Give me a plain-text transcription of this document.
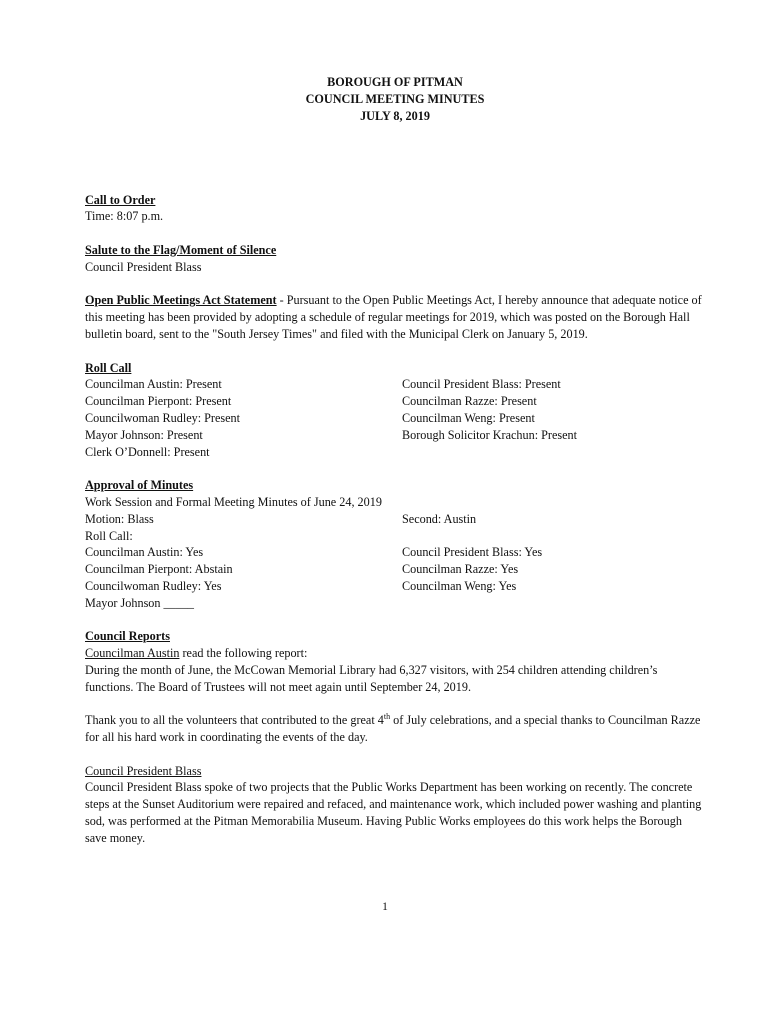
BOROUGH OF PITMAN
COUNCIL MEETING MINUTES
JULY 8, 2019
Call to Order
Time: 8:07 p.m.
Salute to the Flag/Moment of Silence
Council President Blass
Open Public Meetings Act Statement - Pursuant to the Open Public Meetings Act, I hereby announce that adequate notice of this meeting has been provided by adopting a schedule of regular meetings for 2019, which was posted on the Borough Hall bulletin board, sent to the "South Jersey Times" and filed with the Municipal Clerk on January 5, 2019.
Roll Call
Councilman Austin: Present	Council President Blass: Present
Councilman Pierpont: Present	Councilman Razze: Present
Councilwoman Rudley: Present	Councilman Weng: Present
Mayor Johnson: Present	Borough Solicitor Krachun: Present
Clerk O’Donnell: Present
Approval of Minutes
Work Session and Formal Meeting Minutes of June 24, 2019
Motion: Blass	Second: Austin
Roll Call:
Councilman Austin: Yes	Council President Blass: Yes
Councilman Pierpont: Abstain	Councilman Razze: Yes
Councilwoman Rudley: Yes	Councilman Weng: Yes
Mayor Johnson _____
Council Reports
Councilman Austin read the following report:
During the month of June, the McCowan Memorial Library had 6,327 visitors, with 254 children attending children’s functions. The Board of Trustees will not meet again until September 24, 2019.
Thank you to all the volunteers that contributed to the great 4th of July celebrations, and a special thanks to Councilman Razze for all his hard work in coordinating the events of the day.
Council President Blass
Council President Blass spoke of two projects that the Public Works Department has been working on recently. The concrete steps at the Sunset Auditorium were repaired and refaced, and maintenance work, which included power washing and planting sod, was performed at the Pitman Memorabilia Museum. Having Public Works employees do this work helps the Borough save money.
1
